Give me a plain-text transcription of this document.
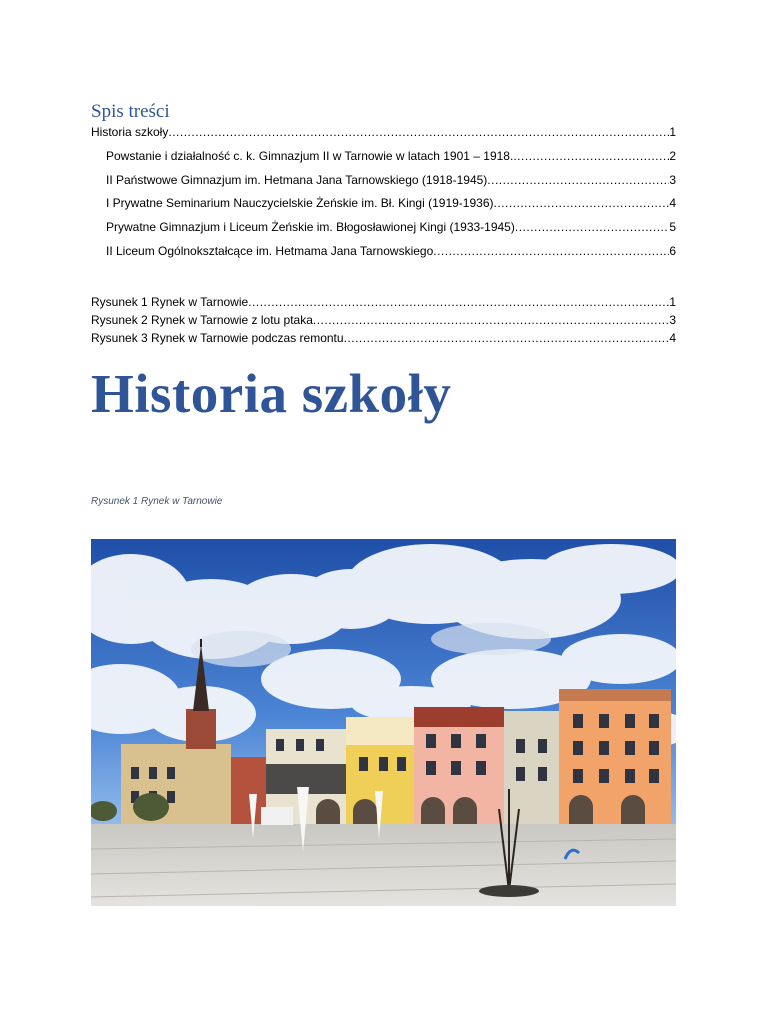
Spis treści
Historia szkoły .....	1
Powstanie i działalność c. k. Gimnazjum II w Tarnowie w latach 1901 – 1918. .....	2
II Państwowe Gimnazjum im. Hetmana Jana Tarnowskiego (1918-1945) .....	3
I Prywatne Seminarium Nauczycielskie Żeńskie im. Bł. Kingi (1919-1936) .....	4
Prywatne Gimnazjum i Liceum Żeńskie im. Błogosławionej Kingi (1933-1945) .....	5
II Liceum Ogólnokształcące im. Hetmama Jana Tarnowskiego .....	6
Rysunek 1 Rynek w Tarnowie .....	1
Rysunek 2 Rynek w Tarnowie z lotu ptaka .....	3
Rysunek 3 Rynek w Tarnowie podczas remontu .....	4
Historia szkoły
Rysunek 1 Rynek w Tarnowie
